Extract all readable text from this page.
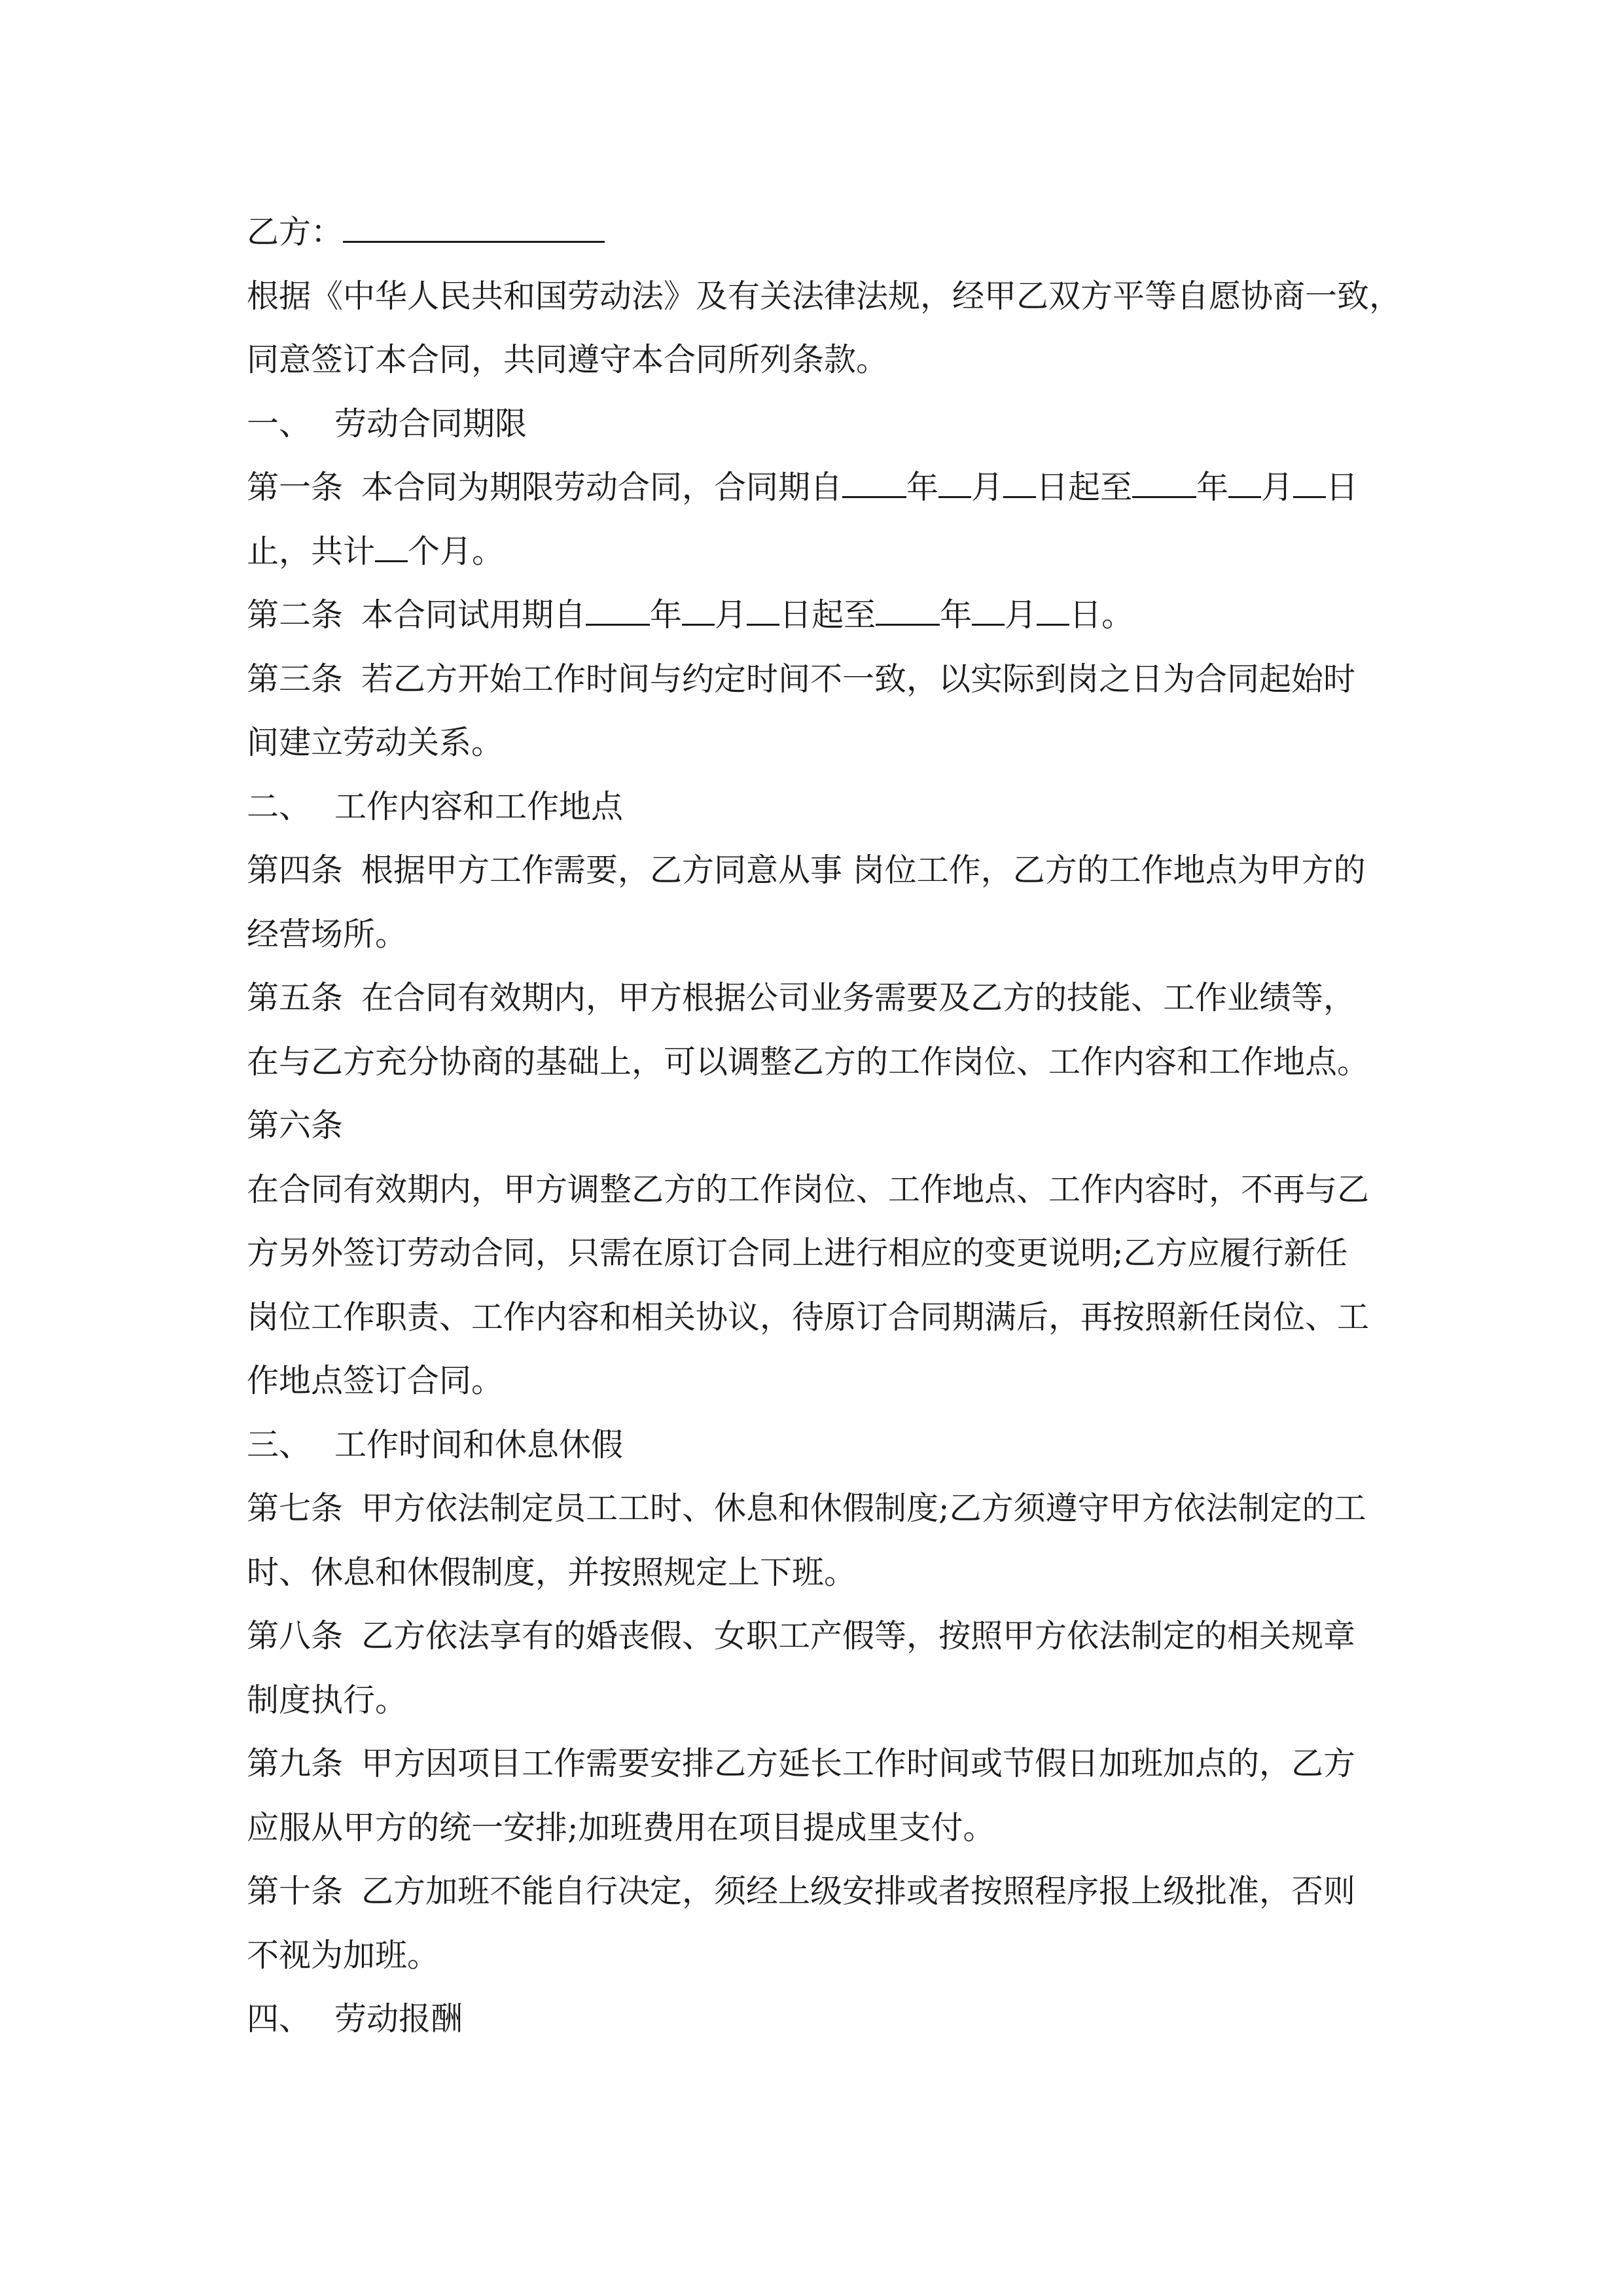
乙方：
根据《中华人民共和国劳动法》及有关法律法规，经甲乙双方平等自愿协商一致，
同意签订本合同，共同遵守本合同所列条款。
一、 劳动合同期限
第一条 本合同为期限劳动合同，合同期自 年 月 日起至 年 月 日
止，共计 个月。
第二条 本合同试用期自 年 月 日起至 年 月 日。
第三条 若乙方开始工作时间与约定时间不一致，以实际到岗之日为合同起始时
间建立劳动关系。
二、 工作内容和工作地点
第四条 根据甲方工作需要，乙方同意从事 岗位工作，乙方的工作地点为甲方的
经营场所。
第五条 在合同有效期内，甲方根据公司业务需要及乙方的技能、工作业绩等，
在与乙方充分协商的基础上，可以调整乙方的工作岗位、工作内容和工作地点。
第六条
在合同有效期内，甲方调整乙方的工作岗位、工作地点、工作内容时，不再与乙
方另外签订劳动合同，只需在原订合同上进行相应的变更说明;乙方应履行新任
岗位工作职责、工作内容和相关协议，待原订合同期满后，再按照新任岗位、工
作地点签订合同。
三、 工作时间和休息休假
第七条 甲方依法制定员工工时、休息和休假制度;乙方须遵守甲方依法制定的工
时、休息和休假制度，并按照规定上下班。
第八条 乙方依法享有的婚丧假、女职工产假等，按照甲方依法制定的相关规章
制度执行。
第九条 甲方因项目工作需要安排乙方延长工作时间或节假日加班加点的，乙方
应服从甲方的统一安排;加班费用在项目提成里支付。
第十条 乙方加班不能自行决定，须经上级安排或者按照程序报上级批准，否则
不视为加班。
四、 劳动报酬
